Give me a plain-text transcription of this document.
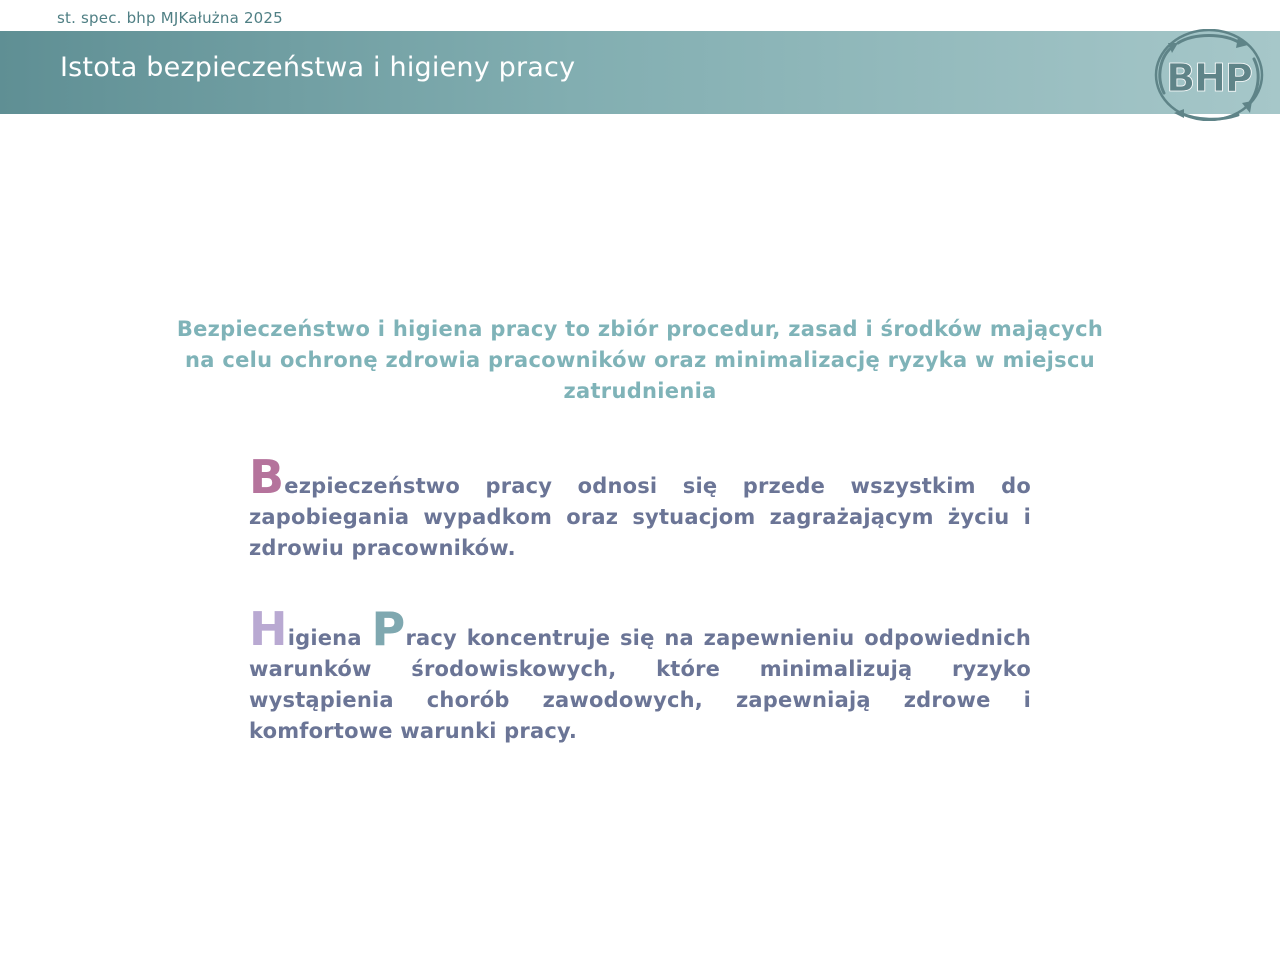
st. spec. bhp MJKałużna 2025
Istota bezpieczeństwa i higieny pracy	BHP
Bezpieczeństwo i higiena pracy to zbiór procedur, zasad i środków mających na celu ochronę zdrowia pracowników oraz minimalizację ryzyka w miejscu zatrudnienia
Bezpieczeństwo pracy odnosi się przede wszystkim do zapobiegania wypadkom oraz sytuacjom zagrażającym życiu i zdrowiu pracowników.
Higiena Pracy koncentruje się na zapewnieniu odpowiednich warunków środowiskowych, które minimalizują ryzyko wystąpienia chorób zawodowych, zapewniają zdrowe i komfortowe warunki pracy.
